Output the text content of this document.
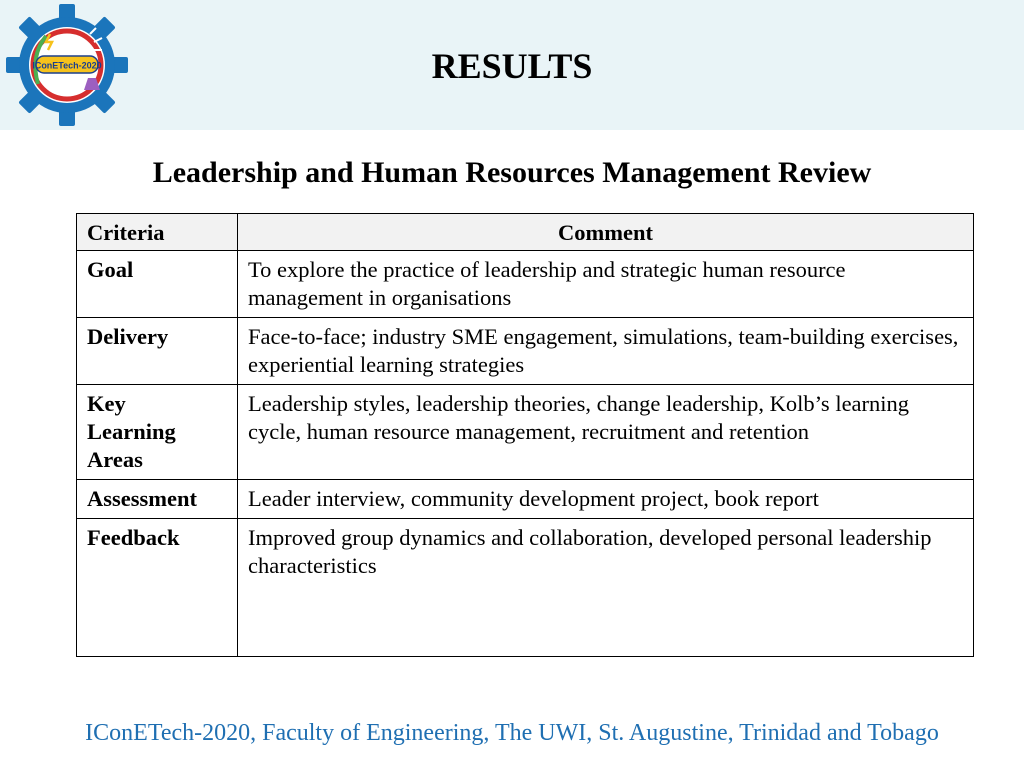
IConETech-2020	RESULTS
Leadership and Human Resources Management Review
Criteria	Comment
Goal	To explore the practice of leadership and strategic human resource management in organisations
Delivery	Face-to-face; industry SME engagement, simulations, team-building exercises, experiential learning strategies

Key Learning Areas	Leadership styles, leadership theories, change leadership, Kolb’s learning cycle, human resource management, recruitment and retention
Assessment	Leader interview, community development project, book report
Feedback	Improved group dynamics and collaboration, developed personal leadership characteristics
IConETech-2020, Faculty of Engineering, The UWI, St. Augustine, Trinidad and Tobago
